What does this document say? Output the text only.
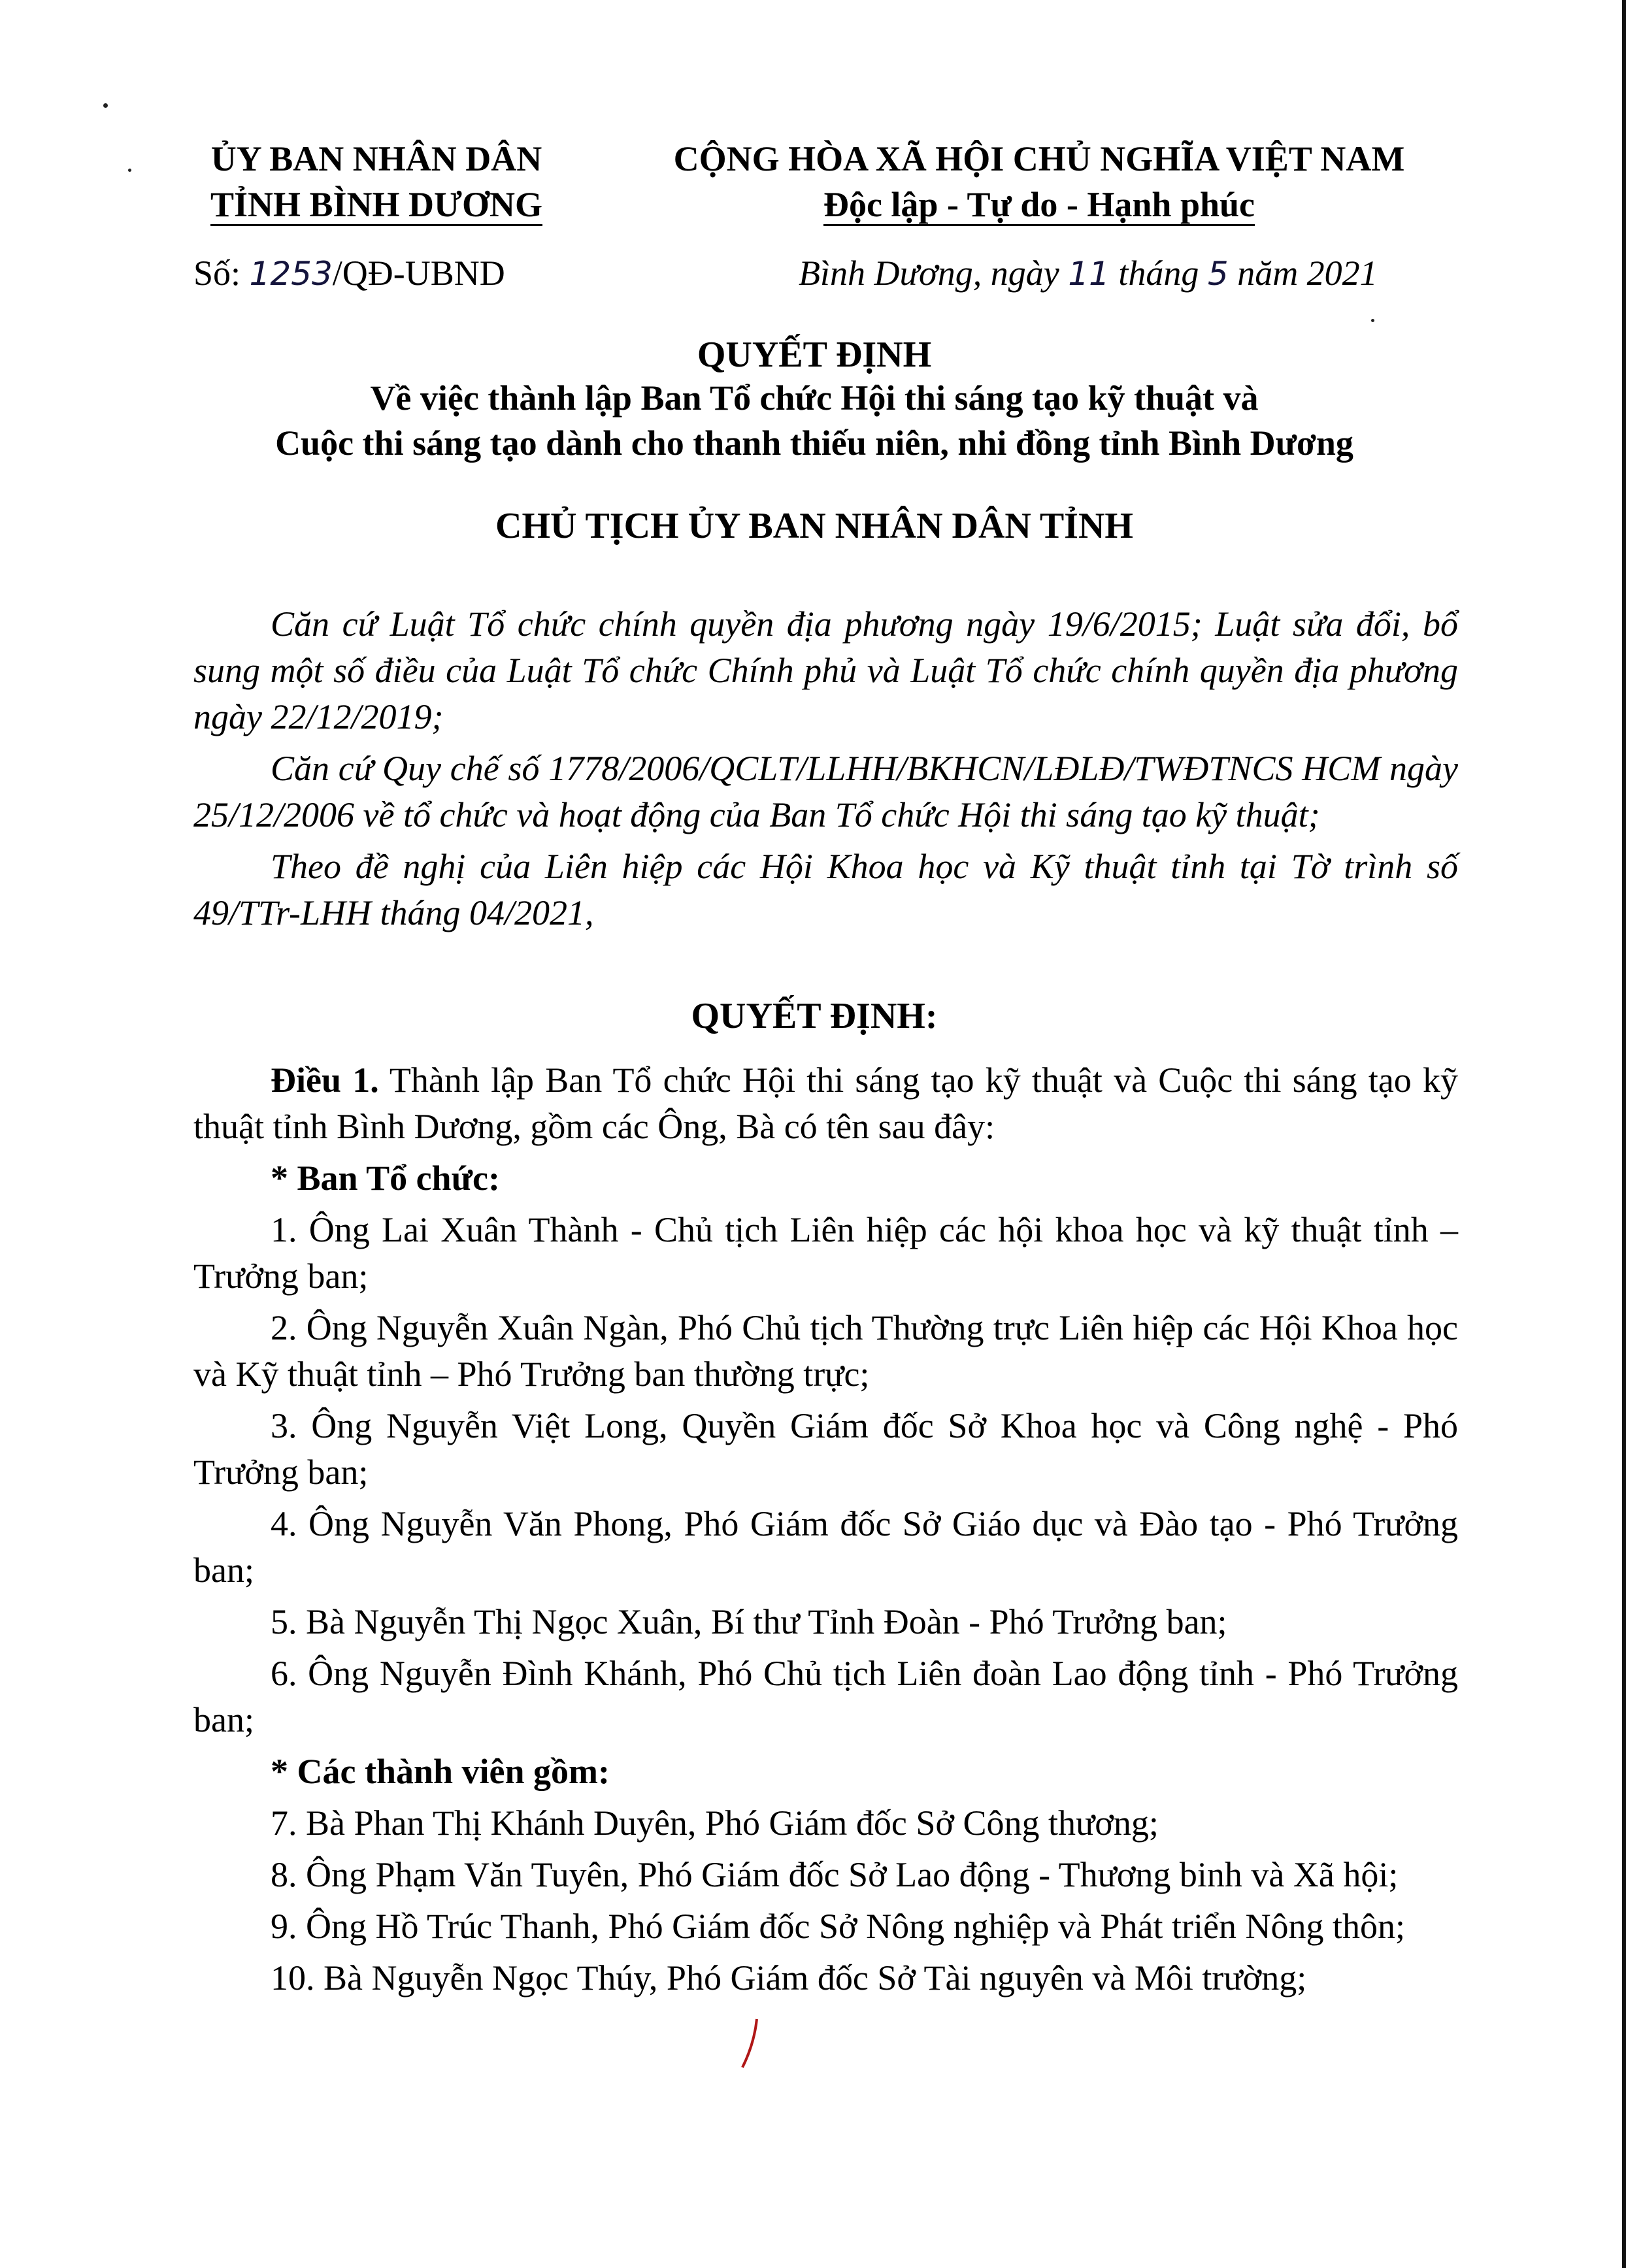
ỦY BAN NHÂN DÂN
TỈNH BÌNH DƯƠNG
CỘNG HÒA XÃ HỘI CHỦ NGHĨA VIỆT NAM
Độc lập - Tự do - Hạnh phúc
Số: 1253/QĐ-UBND	Bình Dương, ngày 11 tháng 5 năm 2021
QUYẾT ĐỊNH
Về việc thành lập Ban Tổ chức Hội thi sáng tạo kỹ thuật và
Cuộc thi sáng tạo dành cho thanh thiếu niên, nhi đồng tỉnh Bình Dương
CHỦ TỊCH ỦY BAN NHÂN DÂN TỈNH

Căn cứ Luật Tổ chức chính quyền địa phương ngày 19/6/2015; Luật sửa đổi, bổ sung một số điều của Luật Tổ chức Chính phủ và Luật Tổ chức chính quyền địa phương ngày 22/12/2019;

Căn cứ Quy chế số 1778/2006/QCLT/LLHH/BKHCN/LĐLĐ/TWĐTNCS HCM ngày 25/12/2006 về tổ chức và hoạt động của Ban Tổ chức Hội thi sáng tạo kỹ thuật;

Theo đề nghị của Liên hiệp các Hội Khoa học và Kỹ thuật tỉnh tại Tờ trình số 49/TTr-LHH tháng 04/2021,

QUYẾT ĐỊNH:

Điều 1. Thành lập Ban Tổ chức Hội thi sáng tạo kỹ thuật và Cuộc thi sáng tạo kỹ thuật tỉnh Bình Dương, gồm các Ông, Bà có tên sau đây:

* Ban Tổ chức:

1. Ông Lai Xuân Thành - Chủ tịch Liên hiệp các hội khoa học và kỹ thuật tỉnh – Trưởng ban;

2. Ông Nguyễn Xuân Ngàn, Phó Chủ tịch Thường trực Liên hiệp các Hội Khoa học và Kỹ thuật tỉnh – Phó Trưởng ban thường trực;

3. Ông Nguyễn Việt Long, Quyền Giám đốc Sở Khoa học và Công nghệ - Phó Trưởng ban;

4. Ông Nguyễn Văn Phong, Phó Giám đốc Sở Giáo dục và Đào tạo - Phó Trưởng ban;

5. Bà Nguyễn Thị Ngọc Xuân, Bí thư Tỉnh Đoàn - Phó Trưởng ban;

6. Ông Nguyễn Đình Khánh, Phó Chủ tịch Liên đoàn Lao động tỉnh - Phó Trưởng ban;

* Các thành viên gồm:

7. Bà Phan Thị Khánh Duyên, Phó Giám đốc Sở Công thương;

8. Ông Phạm Văn Tuyên, Phó Giám đốc Sở Lao động - Thương binh và Xã hội;

9. Ông Hồ Trúc Thanh, Phó Giám đốc Sở Nông nghiệp và Phát triển Nông thôn;

10. Bà Nguyễn Ngọc Thúy, Phó Giám đốc Sở Tài nguyên và Môi trường;
